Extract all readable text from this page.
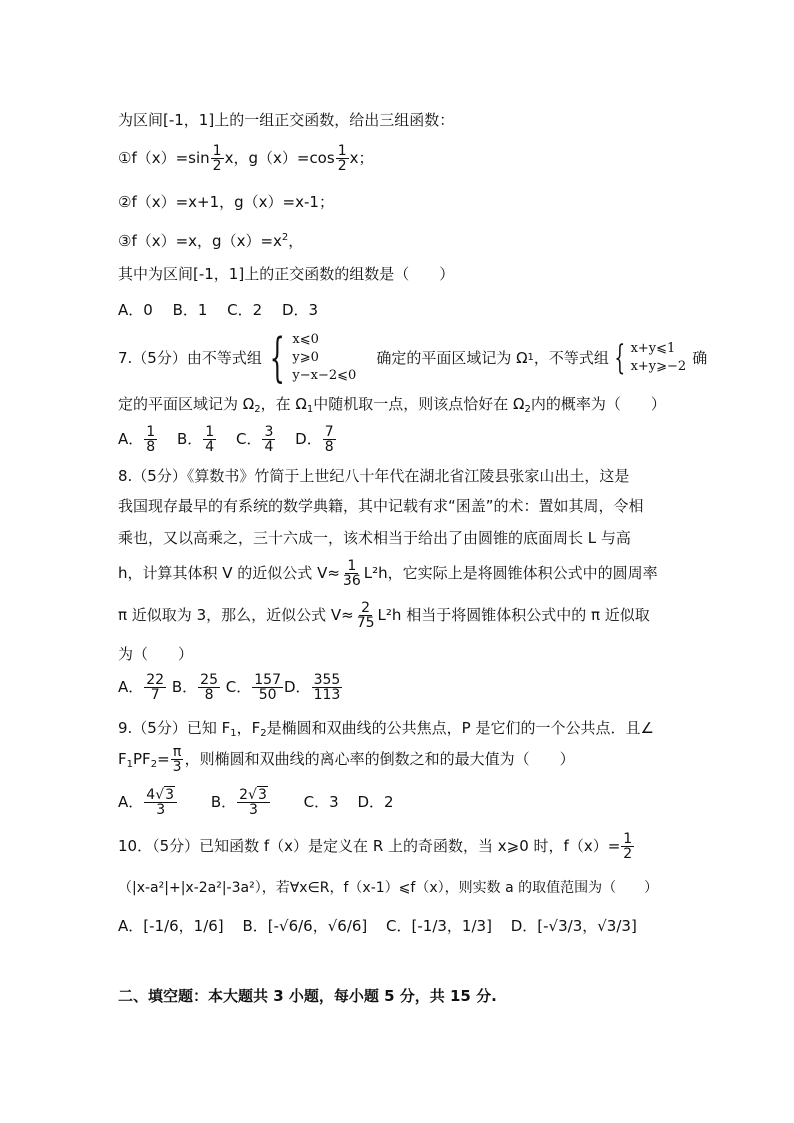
为区间[-1，1]上的一组正交函数，给出三组函数：
①f（x）=sin $\frac{1}{2}$ x，$g(x)=\cos \frac{1}{2}$ x；
②f（x）=x+1，g（x）=x-1；
③f（x）=x，$g(x)=x^2$，
其中为区间[-1，1]上的正交函数的组数是（　　）
A．0　 B．1　 C．2　 D．3
7.（5分）由不等式组 { x⩽0
y⩾0
y−x−2⩽0
确定的平面区域记为 Ω 1 ，不等式组 { x+y⩽1
x+y⩾−2 确
定的平面区域记为 $\Omega_2$，在 $\Omega_1$中随机取一点，则该点恰好在 $\Omega_2$内的概率为（　　）
A． $\frac{1}{8}$ B． $\frac{1}{4}$ C． $\frac{3}{4}$ D． $\frac{7}{8}$
8.（5分）《算数书》竹简于上世纪八十年代在湖北省江陵县张家山出土，这是
我国现存最早的有系统的数学典籍，其中记载有求“囷盖”的术：置如其周，令相
乘也，又以高乘之，三十六成一，该术相当于给出了由圆锥的底面周长 L 与高
h，计算其体积 V 的近似公式 $V\approx \frac{1}{36} L^2h$，它实际上是将圆锥体积公式中的圆周率
π 近似取为 3，那么，近似公式 $V\approx \frac{2}{75} L^2h$ 相当于将圆锥体积公式中的 π 近似取
为（　　）
A． $\frac{22}{7}$ B． $\frac{25}{8}$ C． $\frac{157}{50}$ D． $\frac{355}{113}$
9.（5分）已知 $F_1$，$F_2$是椭圆和双曲线的公共焦点，P 是它们的一个公共点．且∠
$F_1PF_2= \frac{\pi}{3}$ ，则椭圆和双曲线的离心率的倒数之和的最大值为（　　）
A． $\frac{4√3}{3}$ B． $\frac{2√3}{3}$ C．3 D．2
10．（5分）已知函数 f（x）是定义在 R 上的奇函数，当 x⩾0 时，$f(x)= \frac{1}{2}$
（|x-a²|+|x-2a²|-3a²），若∀x∈R，f（x-1）⩽f（x），则实数 a 的取值范围为（　　）
A．[-1/6，1/6] B．[-√6/6，√6/6] C．[-1/3，1/3] D．[-√3/3，√3/3]
二、填空题：本大题共 3 小题，每小题 5 分，共 15 分.
